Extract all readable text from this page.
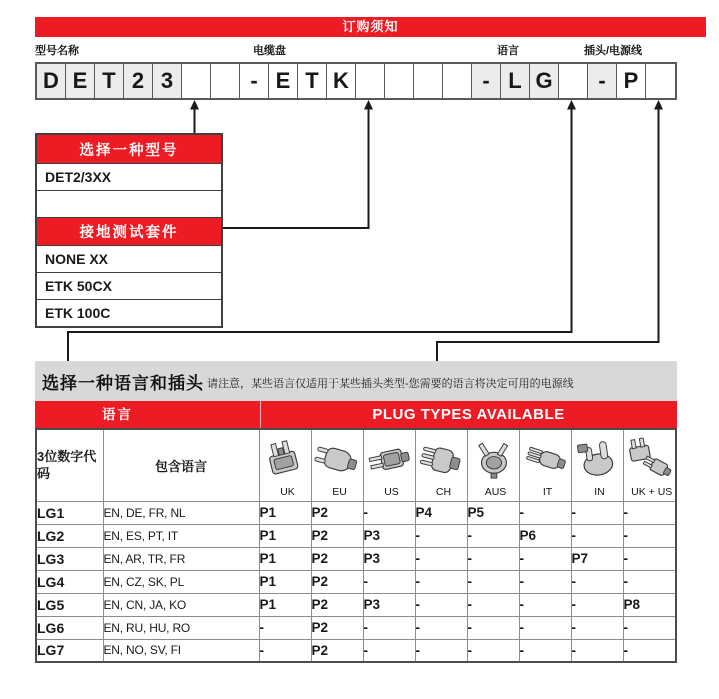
订购须知
型号名称	电缆盘	语言	插头/电源线
D E T 2 3	- E T K	- L G	- P
选择一种型号
DET2/3XX
接地测试套件
NONE XX
ETK 50CX
ETK 100C
选择一种语言和插头 请注意，某些语言仅适用于某些插头类型-您需要的语言将决定可用的电源线
语言	PLUG TYPES AVAILABLE
3位数字代码	包含语言	UK	EU	US	CH	AUS	IT	IN	UK + US

LG1	EN, DE, FR, NL	P1	P2	-	P4	P5	-	-	-
LG2	EN, ES, PT, IT	P1	P2	P3	-	-	P6	-	-
LG3	EN, AR, TR, FR	P1	P2	P3	-	-	-	P7	-
LG4	EN, CZ, SK, PL	P1	P2	-	-	-	-	-	-
LG5	EN, CN, JA, KO	P1	P2	P3	-	-	-	-	P8
LG6	EN, RU, HU, RO	-	P2	-	-	-	-	-	-
LG7	EN, NO, SV, FI	-	P2	-	-	-	-	-	-
